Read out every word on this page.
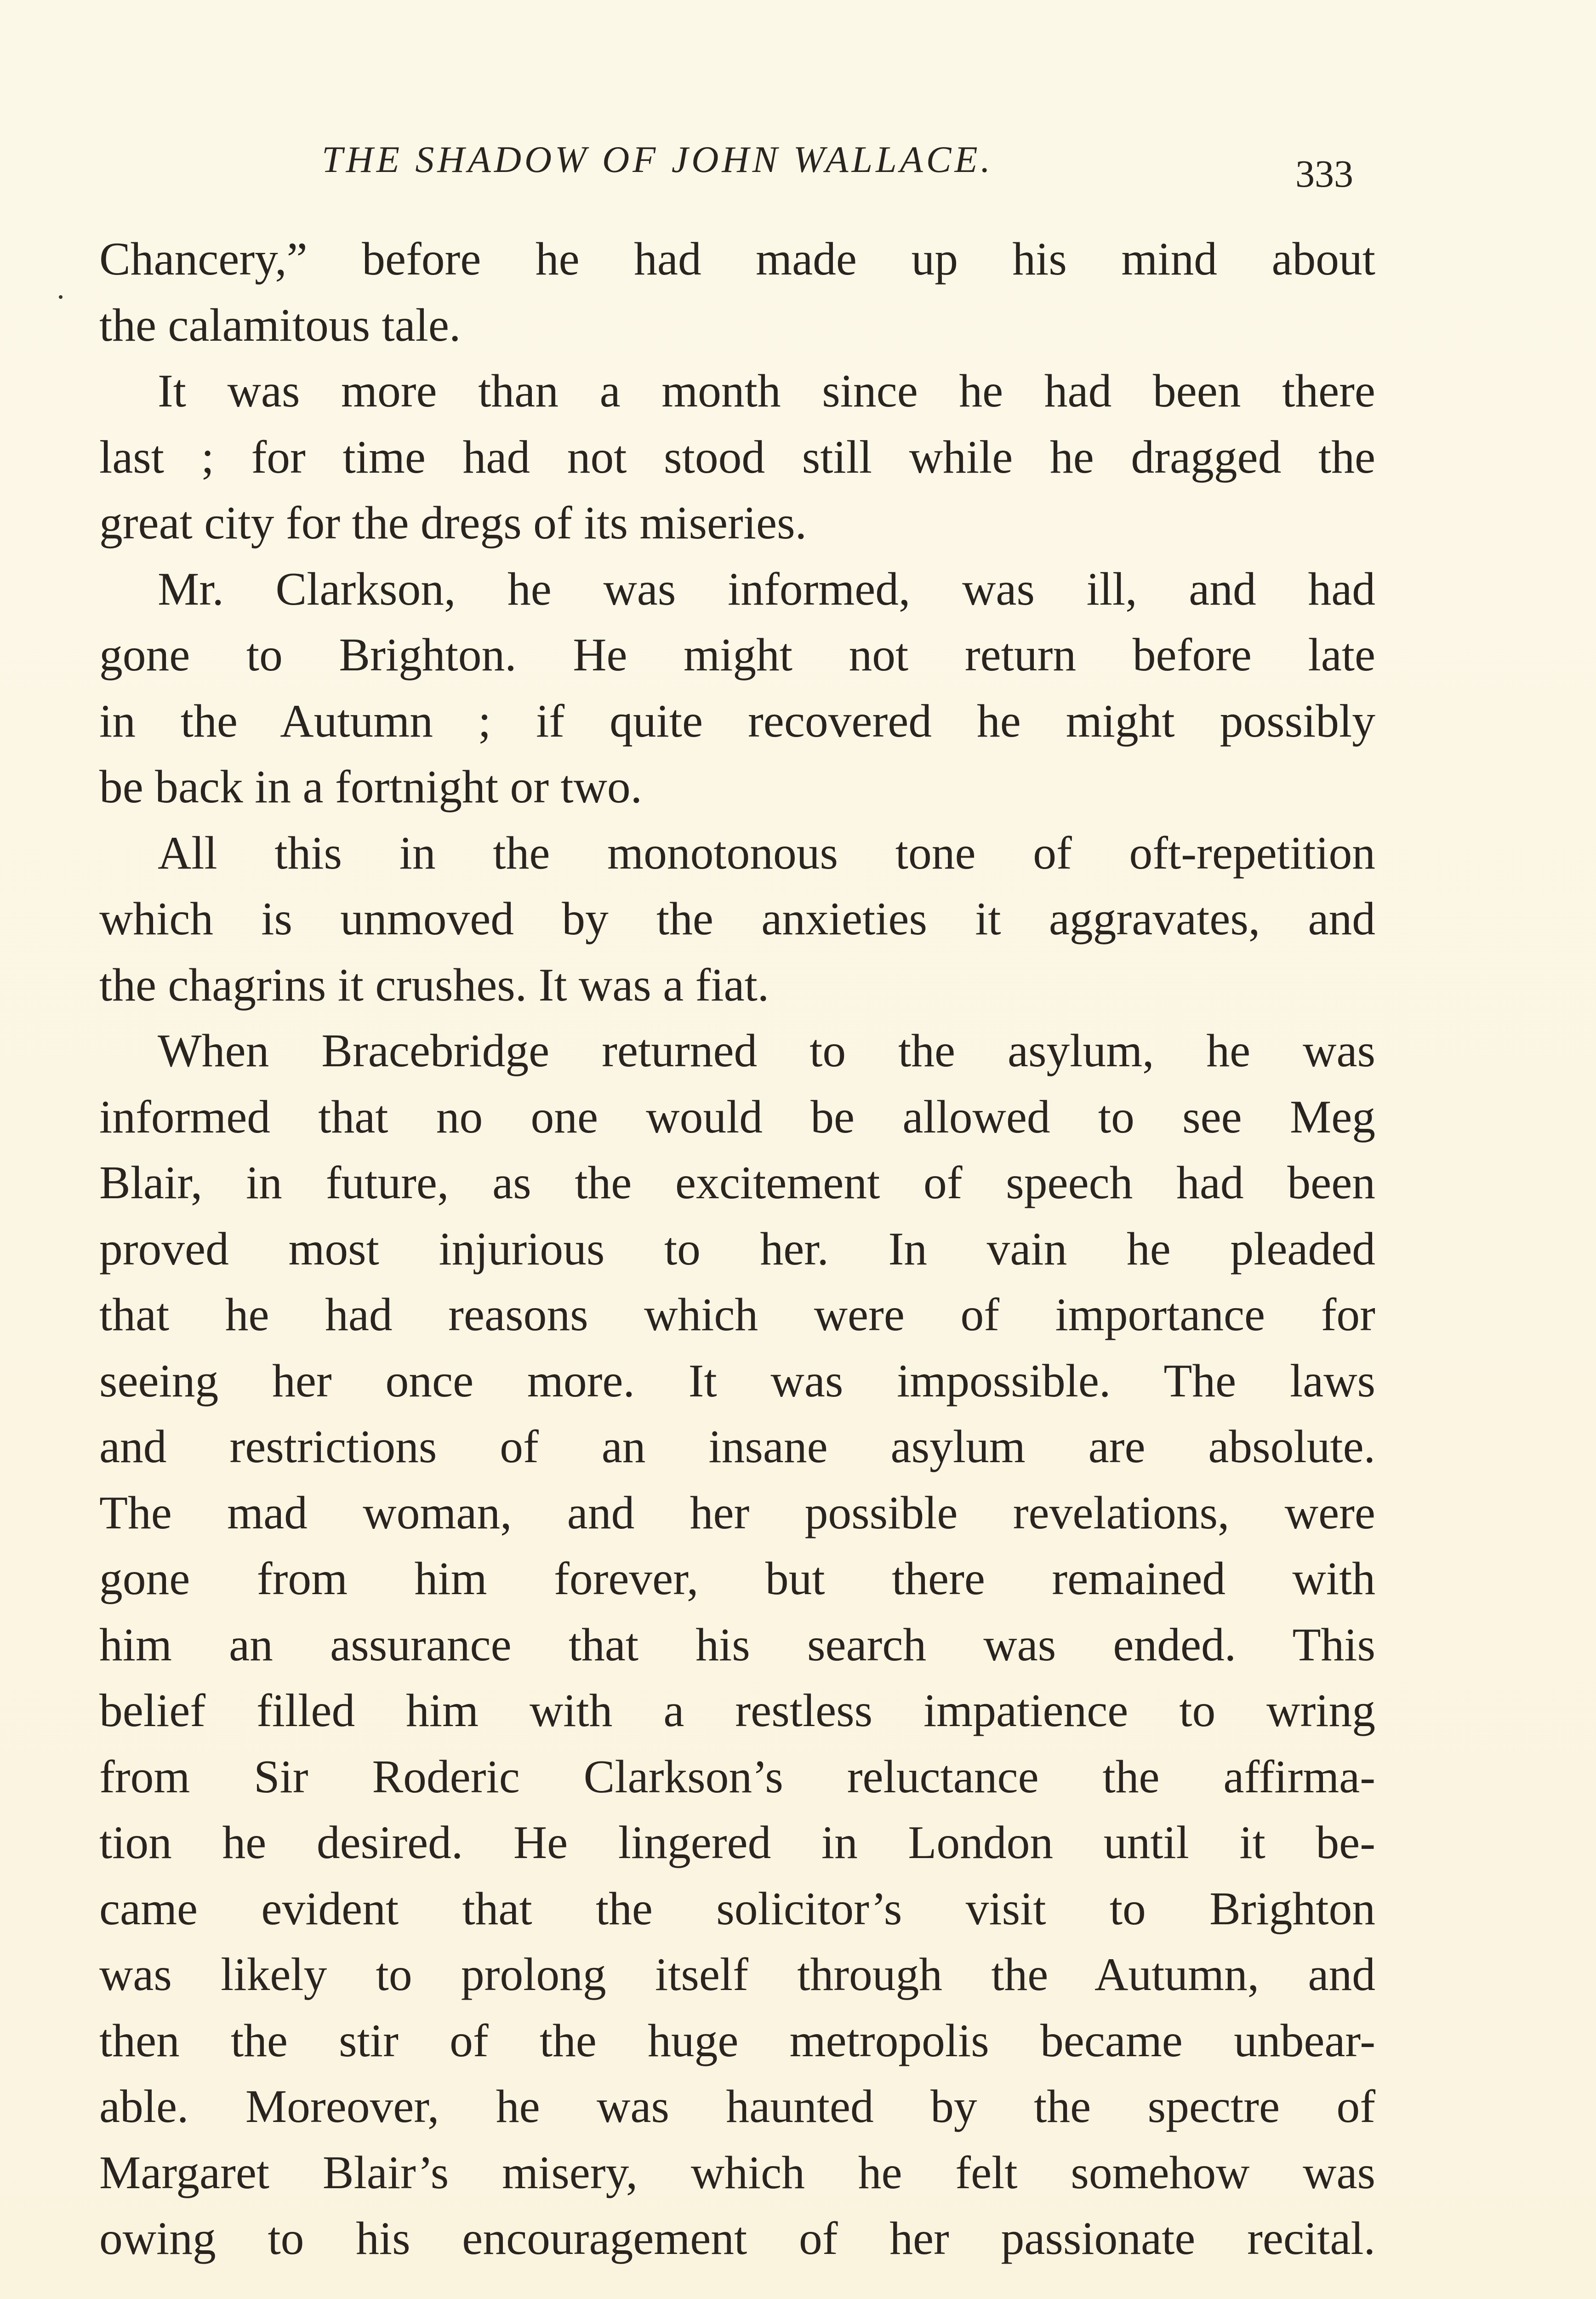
THE SHADOW OF JOHN WALLACE.	333

Chancery,” before he had made up his mind about
the calamitous tale.

It was more than a month since he had been there
last ; for time had not stood still while he dragged the
great city for the dregs of its miseries.

Mr. Clarkson, he was informed, was ill, and had
gone to Brighton. He might not return before late
in the Autumn ; if quite recovered he might possibly
be back in a fortnight or two.

All this in the monotonous tone of oft-repetition
which is unmoved by the anxieties it aggravates, and
the chagrins it crushes. It was a fiat.

When Bracebridge returned to the asylum, he was
informed that no one would be allowed to see Meg
Blair, in future, as the excitement of speech had been
proved most injurious to her. In vain he pleaded
that he had reasons which were of importance for
seeing her once more. It was impossible. The laws
and restrictions of an insane asylum are absolute.
The mad woman, and her possible revelations, were
gone from him forever, but there remained with
him an assurance that his search was ended. This
belief filled him with a restless impatience to wring
from Sir Roderic Clarkson’s reluctance the affirma-
tion he desired. He lingered in London until it be-
came evident that the solicitor’s visit to Brighton
was likely to prolong itself through the Autumn, and
then the stir of the huge metropolis became unbear-
able. Moreover, he was haunted by the spectre of
Margaret Blair’s misery, which he felt somehow was
owing to his encouragement of her passionate recital.
